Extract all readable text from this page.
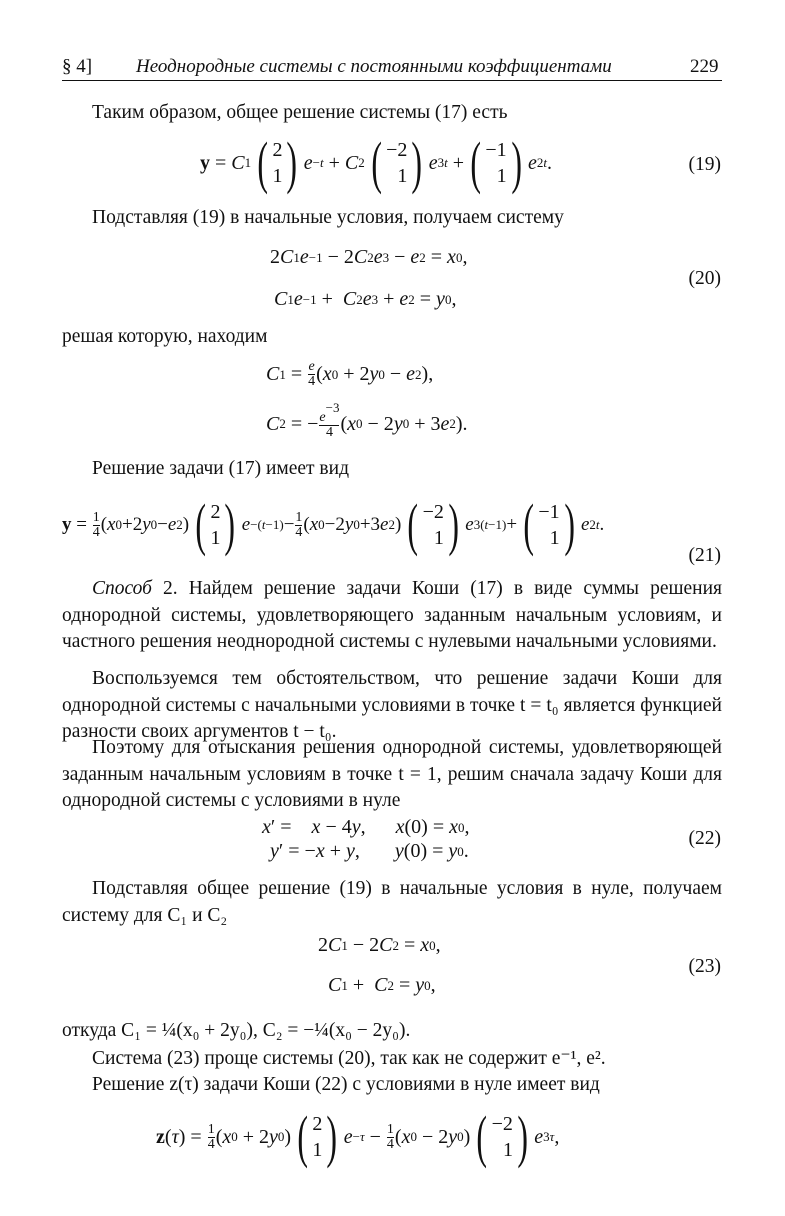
§ 4] Неоднородные системы с постоянными коэффициентами	229
Таким образом, общее решение системы (17) есть
y = C 1 ( 2
1 ) e −t + C 2 ( −2
1 ) e 3t + ( −1
1 ) e 2t .	(19)
Подставляя (19) в начальные условия, получаем систему
2 C 1 e −1 − 2 C 2 e 3 − e 2 = x 0 ,
C 1 e −1 + C 2 e 3 + e 2 = y 0 ,
(20)
решая которую, находим
C $1 = \frac{e}{4}$ ( x 0 + 2 y 0 − e 2 ),
C 2 = − $\frac{e^{-3}}{4}$ ( x 0 − 2 y 0 + 3 e 2 ).
Решение задачи (17) имеет вид
$y = \frac{1}{4}$ ( x 0 +2 y 0 − e 2 ) ( 2
1 ) $e -(t-1) - \frac{1}{4}$ ( x 0 −2 y 0 +3 e 2 ) ( −2
1 ) e 3(t−1) + ( −1
1 ) e 2t .
(21)
Способ 2. Найдем решение задачи Коши (17) в виде суммы решения однородной системы, удовлетворяющего заданным начальным условиям, и частного решения неоднородной системы с нулевыми начальными условиями.
Воспользуемся тем обстоятельством, что решение задачи Коши для однородной системы с начальными условиями в точке t = t₀ является функцией разности своих аргументов t − t₀.
Поэтому для отыскания решения однородной системы, удовлетворяющей заданным начальным условиям в точке t = 1, решим сначала задачу Коши для однородной системы с условиями в нуле
x ′ = x − 4 y , x (0) = x 0 ,
y ′ = − x + y , y (0) = y 0 .
(22)
Подставляя общее решение (19) в начальные условия в нуле, получаем систему для C₁ и C₂
2 C 1 − 2 C 2 = x 0 ,
C 1 + C 2 = y 0 ,
(23)
откуда C₁ = ¼(x₀ + 2y₀), C₂ = −¼(x₀ − 2y₀).
Система (23) проще системы (20), так как не содержит e⁻¹, e².
Решение z(τ) задачи Коши (22) с условиями в нуле имеет вид
z ( τ ) = $\frac{1}{4}$ ( x 0 + 2 y 0 ) ( 2
1 ) $e -\tau - \frac{1}{4}$ ( x 0 − 2 y 0 ) ( −2
1 ) e 3τ ,
